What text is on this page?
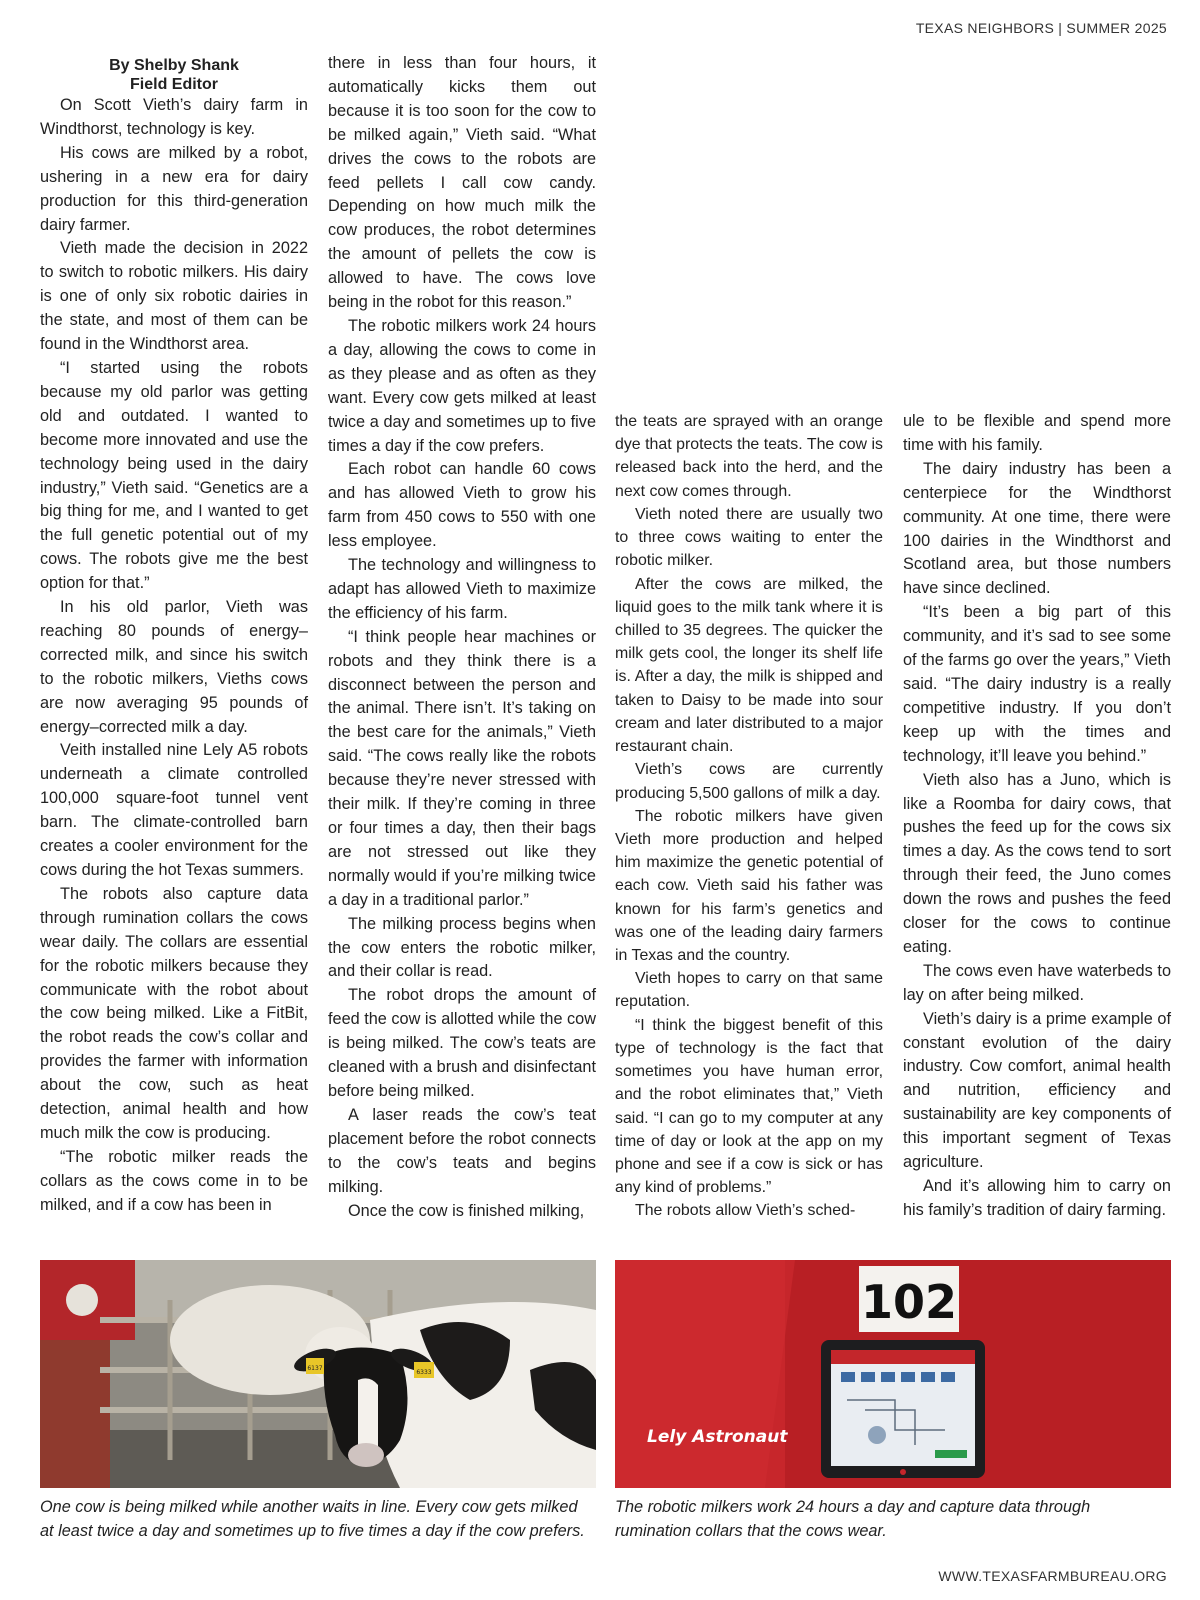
TEXAS NEIGHBORS | SUMMER 2025
By Shelby Shank
Field Editor

On Scott Vieth’s dairy farm in Windthorst, technology is key.

His cows are milked by a robot, ushering in a new era for dairy production for this third-generation dairy farmer.

Vieth made the decision in 2022 to switch to robotic milkers. His dairy is one of only six robotic dairies in the state, and most of them can be found in the Windthorst area.

“I started using the robots because my old parlor was getting old and outdated. I wanted to become more innovated and use the technology being used in the dairy industry,” Vieth said. “Genetics are a big thing for me, and I wanted to get the full genetic potential out of my cows. The robots give me the best option for that.”

In his old parlor, Vieth was reaching 80 pounds of energy–corrected milk, and since his switch to the robotic milkers, Vieths cows are now averaging 95 pounds of energy–corrected milk a day.

Veith installed nine Lely A5 robots underneath a climate controlled 100,000 square-foot tunnel vent barn. The climate-controlled barn creates a cooler environment for the cows during the hot Texas summers.

The robots also capture data through rumination collars the cows wear daily. The collars are essential for the robotic milkers because they communicate with the robot about the cow being milked. Like a FitBit, the robot reads the cow’s collar and provides the farmer with information about the cow, such as heat detection, animal health and how much milk the cow is producing.

“The robotic milker reads the collars as the cows come in to be milked, and if a cow has been in

there in less than four hours, it automatically kicks them out because it is too soon for the cow to be milked again,” Vieth said. “What drives the cows to the robots are feed pellets I call cow candy. Depending on how much milk the cow produces, the robot determines the amount of pellets the cow is allowed to have. The cows love being in the robot for this reason.”

The robotic milkers work 24 hours a day, allowing the cows to come in as they please and as often as they want. Every cow gets milked at least twice a day and sometimes up to five times a day if the cow prefers.

Each robot can handle 60 cows and has allowed Vieth to grow his farm from 450 cows to 550 with one less employee.

The technology and willingness to adapt has allowed Vieth to maximize the efficiency of his farm.

“I think people hear machines or robots and they think there is a disconnect between the person and the animal. There isn’t. It’s taking on the best care for the animals,” Vieth said. “The cows really like the robots because they’re never stressed with their milk. If they’re coming in three or four times a day, then their bags are not stressed out like they normally would if you’re milking twice a day in a traditional parlor.”

The milking process begins when the cow enters the robotic milker, and their collar is read.

The robot drops the amount of feed the cow is allotted while the cow is being milked. The cow’s teats are cleaned with a brush and disinfectant before being milked.

A laser reads the cow’s teat placement before the robot connects to the cow’s teats and begins milking.

Once the cow is finished milking,

the teats are sprayed with an orange dye that protects the teats. The cow is released back into the herd, and the next cow comes through.

Vieth noted there are usually two to three cows waiting to enter the robotic milker.

After the cows are milked, the liquid goes to the milk tank where it is chilled to 35 degrees. The quicker the milk gets cool, the longer its shelf life is. After a day, the milk is shipped and taken to Daisy to be made into sour cream and later distributed to a major restaurant chain.

Vieth’s cows are currently producing 5,500 gallons of milk a day.

The robotic milkers have given Vieth more production and helped him maximize the genetic potential of each cow. Vieth said his father was known for his farm’s genetics and was one of the leading dairy farmers in Texas and the country.

Vieth hopes to carry on that same reputation.

“I think the biggest benefit of this type of technology is the fact that sometimes you have human error, and the robot eliminates that,” Vieth said. “I can go to my computer at any time of day or look at the app on my phone and see if a cow is sick or has any kind of problems.”

The robots allow Vieth’s sched-

ule to be flexible and spend more time with his family.

The dairy industry has been a centerpiece for the Windthorst community. At one time, there were 100 dairies in the Windthorst and Scotland area, but those numbers have since declined.

“It’s been a big part of this community, and it’s sad to see some of the farms go over the years,” Vieth said. “The dairy industry is a really competitive industry. If you don’t keep up with the times and technology, it’ll leave you behind.”

Vieth also has a Juno, which is like a Roomba for dairy cows, that pushes the feed up for the cows six times a day. As the cows tend to sort through their feed, the Juno comes down the rows and pushes the feed closer for the cows to continue eating.

The cows even have waterbeds to lay on after being milked.

Vieth’s dairy is a prime example of constant evolution of the dairy industry. Cow comfort, animal health and nutrition, efficiency and sustainability are key components of this important segment of Texas agriculture.

And it’s allowing him to carry on his family’s tradition of dairy farming.

6137
6333
102
Lely Astronaut
One cow is being milked while another waits in line. Every cow gets milked
at least twice a day and sometimes up to five times a day if the cow prefers.
The robotic milkers work 24 hours a day and capture data through
rumination collars that the cows wear.
WWW.TEXASFARMBUREAU.ORG
